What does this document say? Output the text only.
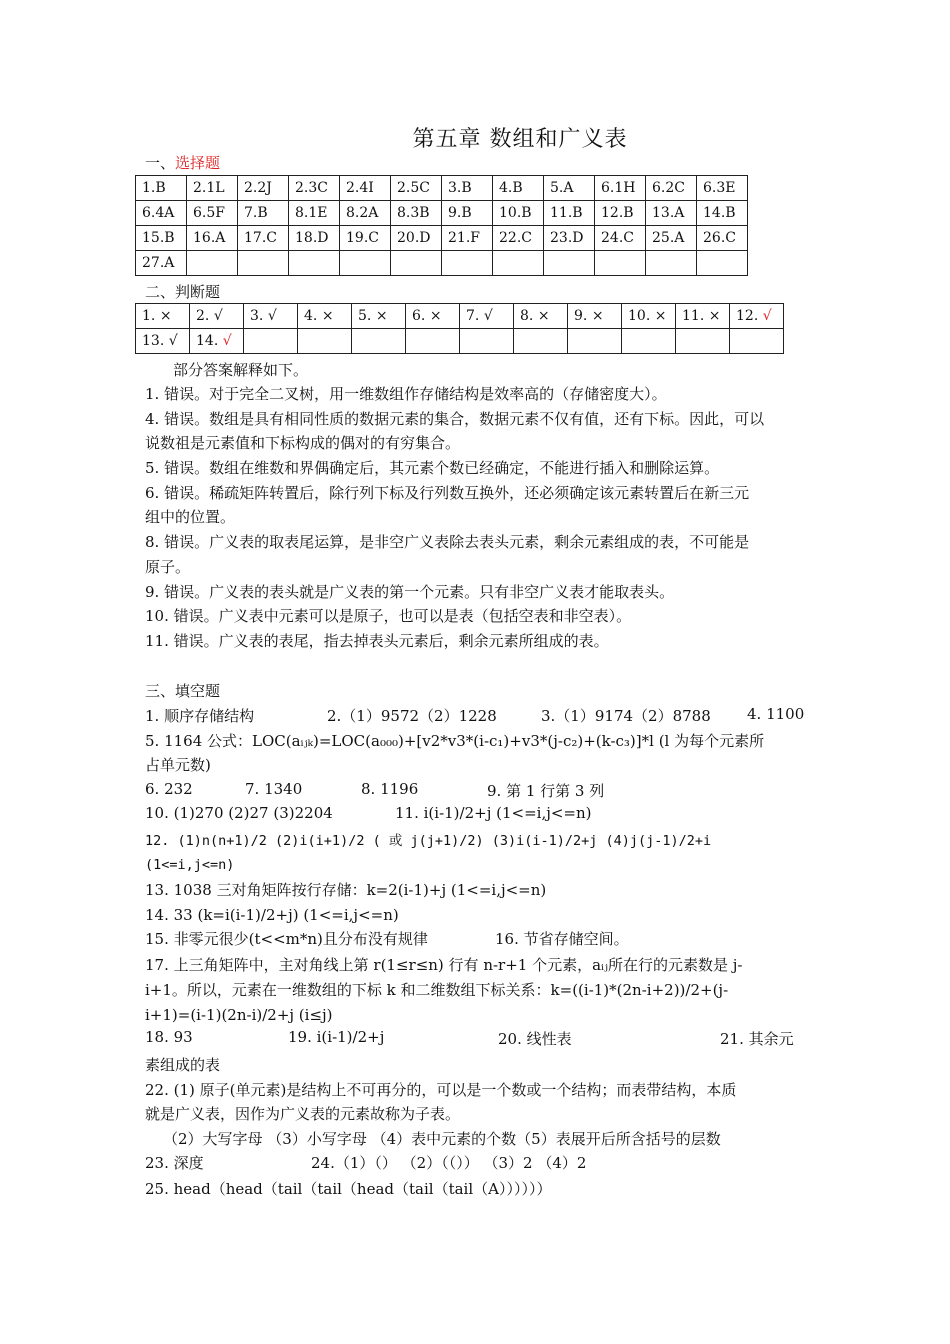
第五章 数组和广义表
一、选择题
1.B	2.1L	2.2J	2.3C	2.4I	2.5C	3.B	4.B	5.A	6.1H	6.2C	6.3E
6.4A	6.5F	7.B	8.1E	8.2A	8.3B	9.B	10.B	11.B	12.B	13.A	14.B
15.B	16.A	17.C	18.D	19.C	20.D	21.F	22.C	23.D	24.C	25.A	26.C
27.A											
二、判断题
1. ×	2. √	3. √	4. ×	5. ×	6. ×	7. √	8. ×	9. ×	10. ×	11. ×	12. √
13. √	14. √										
部分答案解释如下。
1. 错误。对于完全二叉树，用一维数组作存储结构是效率高的（存储密度大）。
4. 错误。数组是具有相同性质的数据元素的集合，数据元素不仅有值，还有下标。因此，可以
说数祖是元素值和下标构成的偶对的有穷集合。
5. 错误。数组在维数和界偶确定后，其元素个数已经确定，不能进行插入和删除运算。
6. 错误。稀疏矩阵转置后，除行列下标及行列数互换外，还必须确定该元素转置后在新三元
组中的位置。
8. 错误。广义表的取表尾运算，是非空广义表除去表头元素，剩余元素组成的表，不可能是
原子。
9. 错误。广义表的表头就是广义表的第一个元素。只有非空广义表才能取表头。
10. 错误。广义表中元素可以是原子，也可以是表（包括空表和非空表）。
11. 错误。广义表的表尾，指去掉表头元素后，剩余元素所组成的表。
三、填空题
1. 顺序存储结构	2.（1）9572（2）1228	3.（1）9174（2）8788	4. 1100
5. 1164 公式：LOC(aᵢⱼₖ)=LOC(a₀₀₀)+[v2*v3*(i-c₁)+v3*(j-c₂)+(k-c₃)]*l (l 为每个元素所
占单元数)
6. 232	7. 1340	8. 1196	9. 第 1 行第 3 列
10. (1)270 (2)27 (3)2204	11. i(i-1)/2+j (1<=i,j<=n)
12. (1)n(n+1)/2 (2)i(i+1)/2 ( 或 j(j+1)/2) (3)i(i-1)/2+j (4)j(j-1)/2+i
(1<=i,j<=n)
13. 1038 三对角矩阵按行存储：k=2(i-1)+j (1<=i,j<=n)
14. 33 (k=i(i-1)/2+j) (1<=i,j<=n)
15. 非零元很少(t<<m*n)且分布没有规律	16. 节省存储空间。
17. 上三角矩阵中，主对角线上第 r(1≤r≤n) 行有 n-r+1 个元素，aᵢⱼ所在行的元素数是 j-
i+1。所以，元素在一维数组的下标 k 和二维数组下标关系：k=((i-1)*(2n-i+2))/2+(j-
i+1)=(i-1)(2n-i)/2+j (i≤j)
18. 93	19. i(i-1)/2+j	20. 线性表	21. 其余元
素组成的表
22. (1) 原子(单元素)是结构上不可再分的，可以是一个数或一个结构；而表带结构，本质
就是广义表，因作为广义表的元素故称为子表。
（2）大写字母 （3）小写字母 （4）表中元素的个数（5）表展开后所含括号的层数
23. 深度	24.（1）（） （2）（（）） （3）2 （4）2
25. head（head（tail（tail（head（tail（tail（A））））））
